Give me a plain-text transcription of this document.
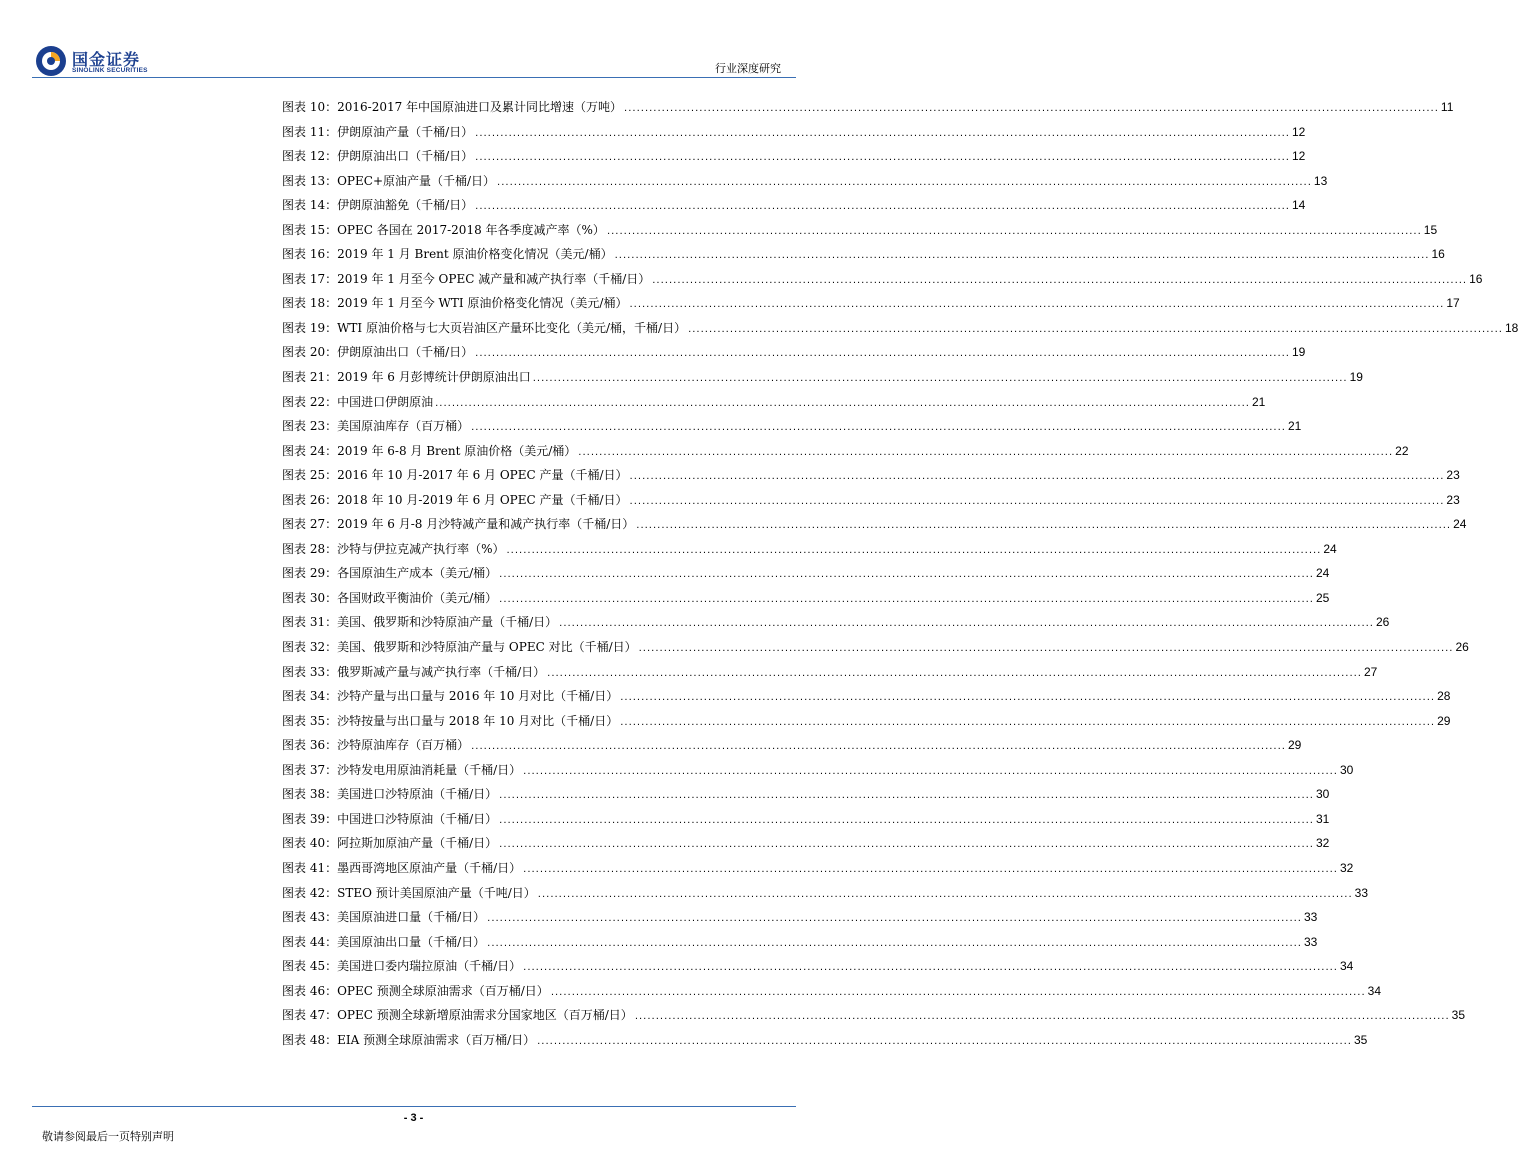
国金证券
SINOLINK SECURITIES	行业深度研究
图表 10： 2016-2017 年中国原油进口及累计同比增速（万吨） .....	11
图表 11： 伊朗原油产量（千桶/日） .....	12
图表 12： 伊朗原油出口（千桶/日） .....	12
图表 13： OPEC+原油产量（千桶/日） .....	13
图表 14： 伊朗原油豁免（千桶/日） .....	14
图表 15： OPEC 各国在 2017-2018 年各季度减产率（%） .....	15
图表 16： 2019 年 1 月 Brent 原油价格变化情况（美元/桶） .....	16
图表 17： 2019 年 1 月至今 OPEC 减产量和减产执行率（千桶/日） .....	16
图表 18： 2019 年 1 月至今 WTI 原油价格变化情况（美元/桶） .....	17
图表 19： WTI 原油价格与七大页岩油区产量环比变化（美元/桶，千桶/日） .....	18
图表 20： 伊朗原油出口（千桶/日） .....	19
图表 21： 2019 年 6 月彭博统计伊朗原油出口 .....	19
图表 22： 中国进口伊朗原油 .....	21
图表 23： 美国原油库存（百万桶） .....	21
图表 24： 2019 年 6-8 月 Brent 原油价格（美元/桶） .....	22
图表 25： 2016 年 10 月-2017 年 6 月 OPEC 产量（千桶/日） .....	23
图表 26： 2018 年 10 月-2019 年 6 月 OPEC 产量（千桶/日） .....	23
图表 27： 2019 年 6 月-8 月沙特减产量和减产执行率（千桶/日） .....	24
图表 28： 沙特与伊拉克减产执行率（%） .....	24
图表 29： 各国原油生产成本（美元/桶） .....	24
图表 30： 各国财政平衡油价（美元/桶） .....	25
图表 31： 美国、俄罗斯和沙特原油产量（千桶/日） .....	26
图表 32： 美国、俄罗斯和沙特原油产量与 OPEC 对比（千桶/日） .....	26
图表 33： 俄罗斯减产量与减产执行率（千桶/日） .....	27
图表 34： 沙特产量与出口量与 2016 年 10 月对比（千桶/日） .....	28
图表 35： 沙特按量与出口量与 2018 年 10 月对比（千桶/日） .....	29
图表 36： 沙特原油库存（百万桶） .....	29
图表 37： 沙特发电用原油消耗量（千桶/日） .....	30
图表 38： 美国进口沙特原油（千桶/日） .....	30
图表 39： 中国进口沙特原油（千桶/日） .....	31
图表 40： 阿拉斯加原油产量（千桶/日） .....	32
图表 41： 墨西哥湾地区原油产量（千桶/日） .....	32
图表 42： STEO 预计美国原油产量（千吨/日） .....	33
图表 43： 美国原油进口量（千桶/日） .....	33
图表 44： 美国原油出口量（千桶/日） .....	33
图表 45： 美国进口委内瑞拉原油（千桶/日） .....	34
图表 46： OPEC 预测全球原油需求（百万桶/日） .....	34
图表 47： OPEC 预测全球新增原油需求分国家地区（百万桶/日） .....	35
图表 48： EIA 预测全球原油需求（百万桶/日） .....	35
- 3 -
敬请参阅最后一页特别声明
